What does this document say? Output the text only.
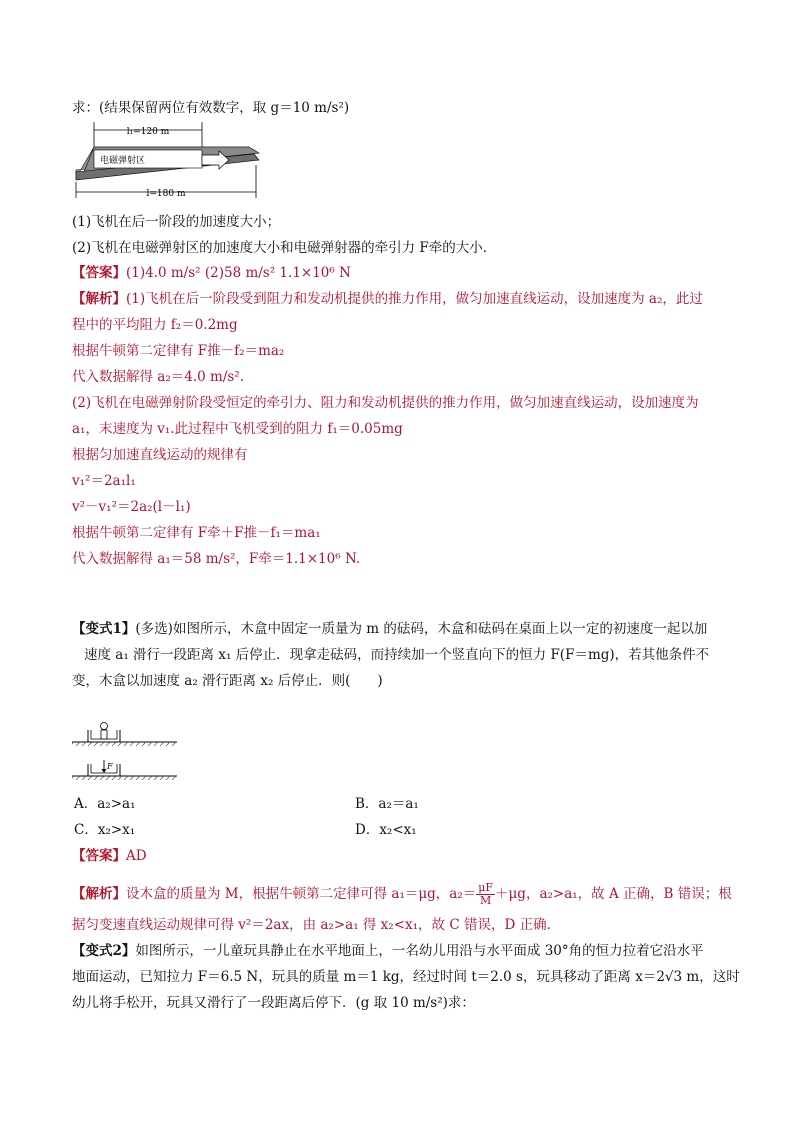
求：(结果保留两位有效数字，取 g＝10 m/s²)
l₁=120 m
电磁弹射区
l=180 m
(1)飞机在后一阶段的加速度大小；
(2)飞机在电磁弹射区的加速度大小和电磁弹射器的牵引力 F牵的大小．
【答案】(1)4.0 m/s² (2)58 m/s² 1.1×10⁶ N
【解析】(1)飞机在后一阶段受到阻力和发动机提供的推力作用，做匀加速直线运动，设加速度为 a₂，此过
程中的平均阻力 f₂＝0.2mg
根据牛顿第二定律有 F推－f₂＝ma₂
代入数据解得 a₂＝4.0 m/s².
(2)飞机在电磁弹射阶段受恒定的牵引力、阻力和发动机提供的推力作用，做匀加速直线运动，设加速度为
a₁，末速度为 v₁.此过程中飞机受到的阻力 f₁＝0.05mg
根据匀加速直线运动的规律有
v₁²＝2a₁l₁
v²－v₁²＝2a₂(l－l₁)
根据牛顿第二定律有 F牵＋F推－f₁＝ma₁
代入数据解得 a₁＝58 m/s²，F牵＝1.1×10⁶ N.
【变式1】(多选)如图所示，木盒中固定一质量为 m 的砝码，木盒和砝码在桌面上以一定的初速度一起以加
速度 a₁ 滑行一段距离 x₁ 后停止．现拿走砝码，而持续加一个竖直向下的恒力 F(F＝mg)，若其他条件不
变，木盒以加速度 a₂ 滑行距离 x₂ 后停止．则(　　)
F
A．a₂>a₁	B．a₂＝a₁
C．x₂>x₁	D．x₂<x₁
【答案】AD
【解析】设木盒的质量为 M，根据牛顿第二定律可得 a₁＝μg，$a_2= \frac{\mu F}{M} +\mu g$，a₂>a₁，故 A 正确，B 错误；根
据匀变速直线运动规律可得 v²＝2ax，由 a₂>a₁ 得 x₂<x₁，故 C 错误，D 正确．
【变式2】如图所示，一儿童玩具静止在水平地面上，一名幼儿用沿与水平面成 30°角的恒力拉着它沿水平
地面运动，已知拉力 F＝6.5 N，玩具的质量 m＝1 kg，经过时间 t＝2.0 s，玩具移动了距离 x＝2√3 m，这时
幼儿将手松开，玩具又滑行了一段距离后停下．(g 取 10 m/s²)求：
